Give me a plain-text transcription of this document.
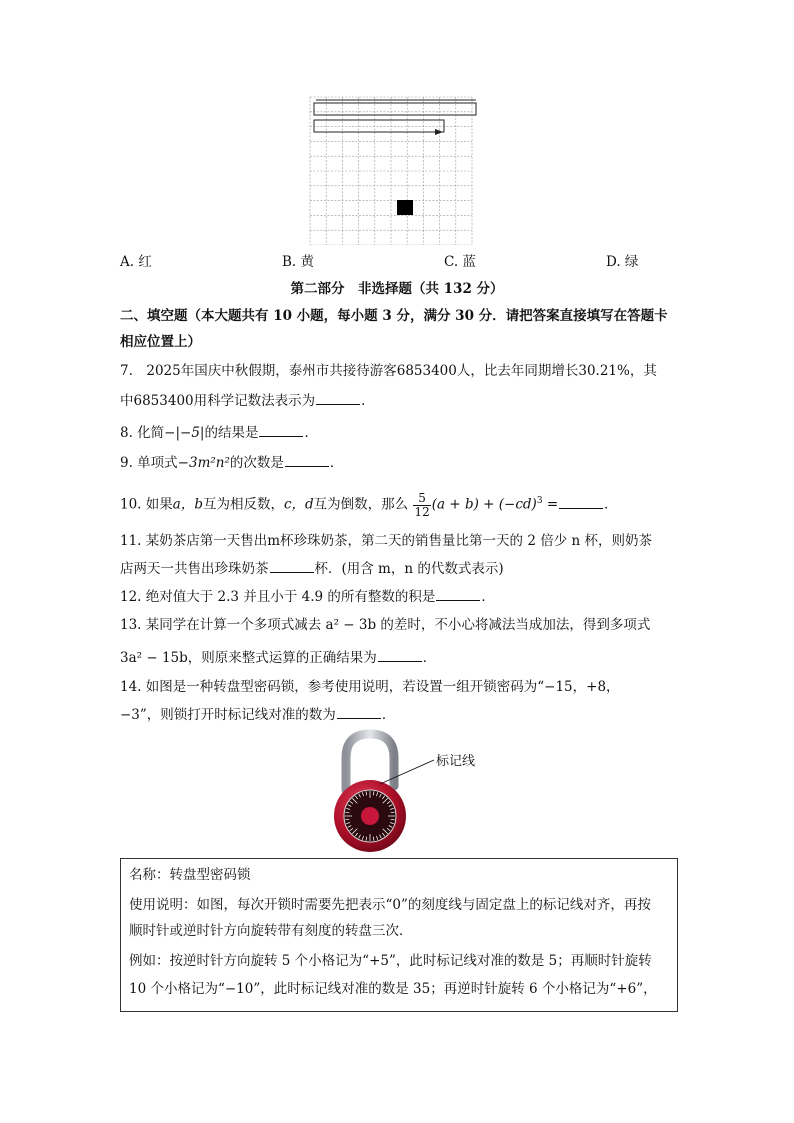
A. 红	B. 黄	C. 蓝	D. 绿
第二部分　非选择题（共 132 分）
二、填空题（本大题共有 10 小题，每小题 3 分，满分 30 分．请把答案直接填写在答题卡
相应位置上）
7.　2025年国庆中秋假期，泰州市共接待游客6853400人，比去年同期增长30.21%，其
中6853400用科学记数法表示为	．
8. 化简−|−5|的结果是	．
9. 单项式−3m²n²的次数是	．
10. 如果a，b互为相反数，c，d互为倒数，那么 $\frac{5}{12} (a + b) + (-cd)^3$ =	．
11. 某奶茶店第一天售出m杯珍珠奶茶，第二天的销售量比第一天的 2 倍少 n 杯，则奶茶
店两天一共售出珍珠奶茶	杯．(用含 m，n 的代数式表示)
12. 绝对值大于 2.3 并且小于 4.9 的所有整数的积是	．
13. 某同学在计算一个多项式减去 a² − 3b 的差时，不小心将减法当成加法，得到多项式
3a² − 15b，则原来整式运算的正确结果为	．
14. 如图是一种转盘型密码锁，参考使用说明，若设置一组开锁密码为“−15，+8，
−3”，则锁打开时标记线对准的数为	．
标记线
名称：转盘型密码锁
使用说明：如图，每次开锁时需要先把表示“0”的刻度线与固定盘上的标记线对齐，再按
顺时针或逆时针方向旋转带有刻度的转盘三次．
例如：按逆时针方向旋转 5 个小格记为“+5”，此时标记线对准的数是 5；再顺时针旋转
10 个小格记为“−10”，此时标记线对准的数是 35；再逆时针旋转 6 个小格记为“+6”，
